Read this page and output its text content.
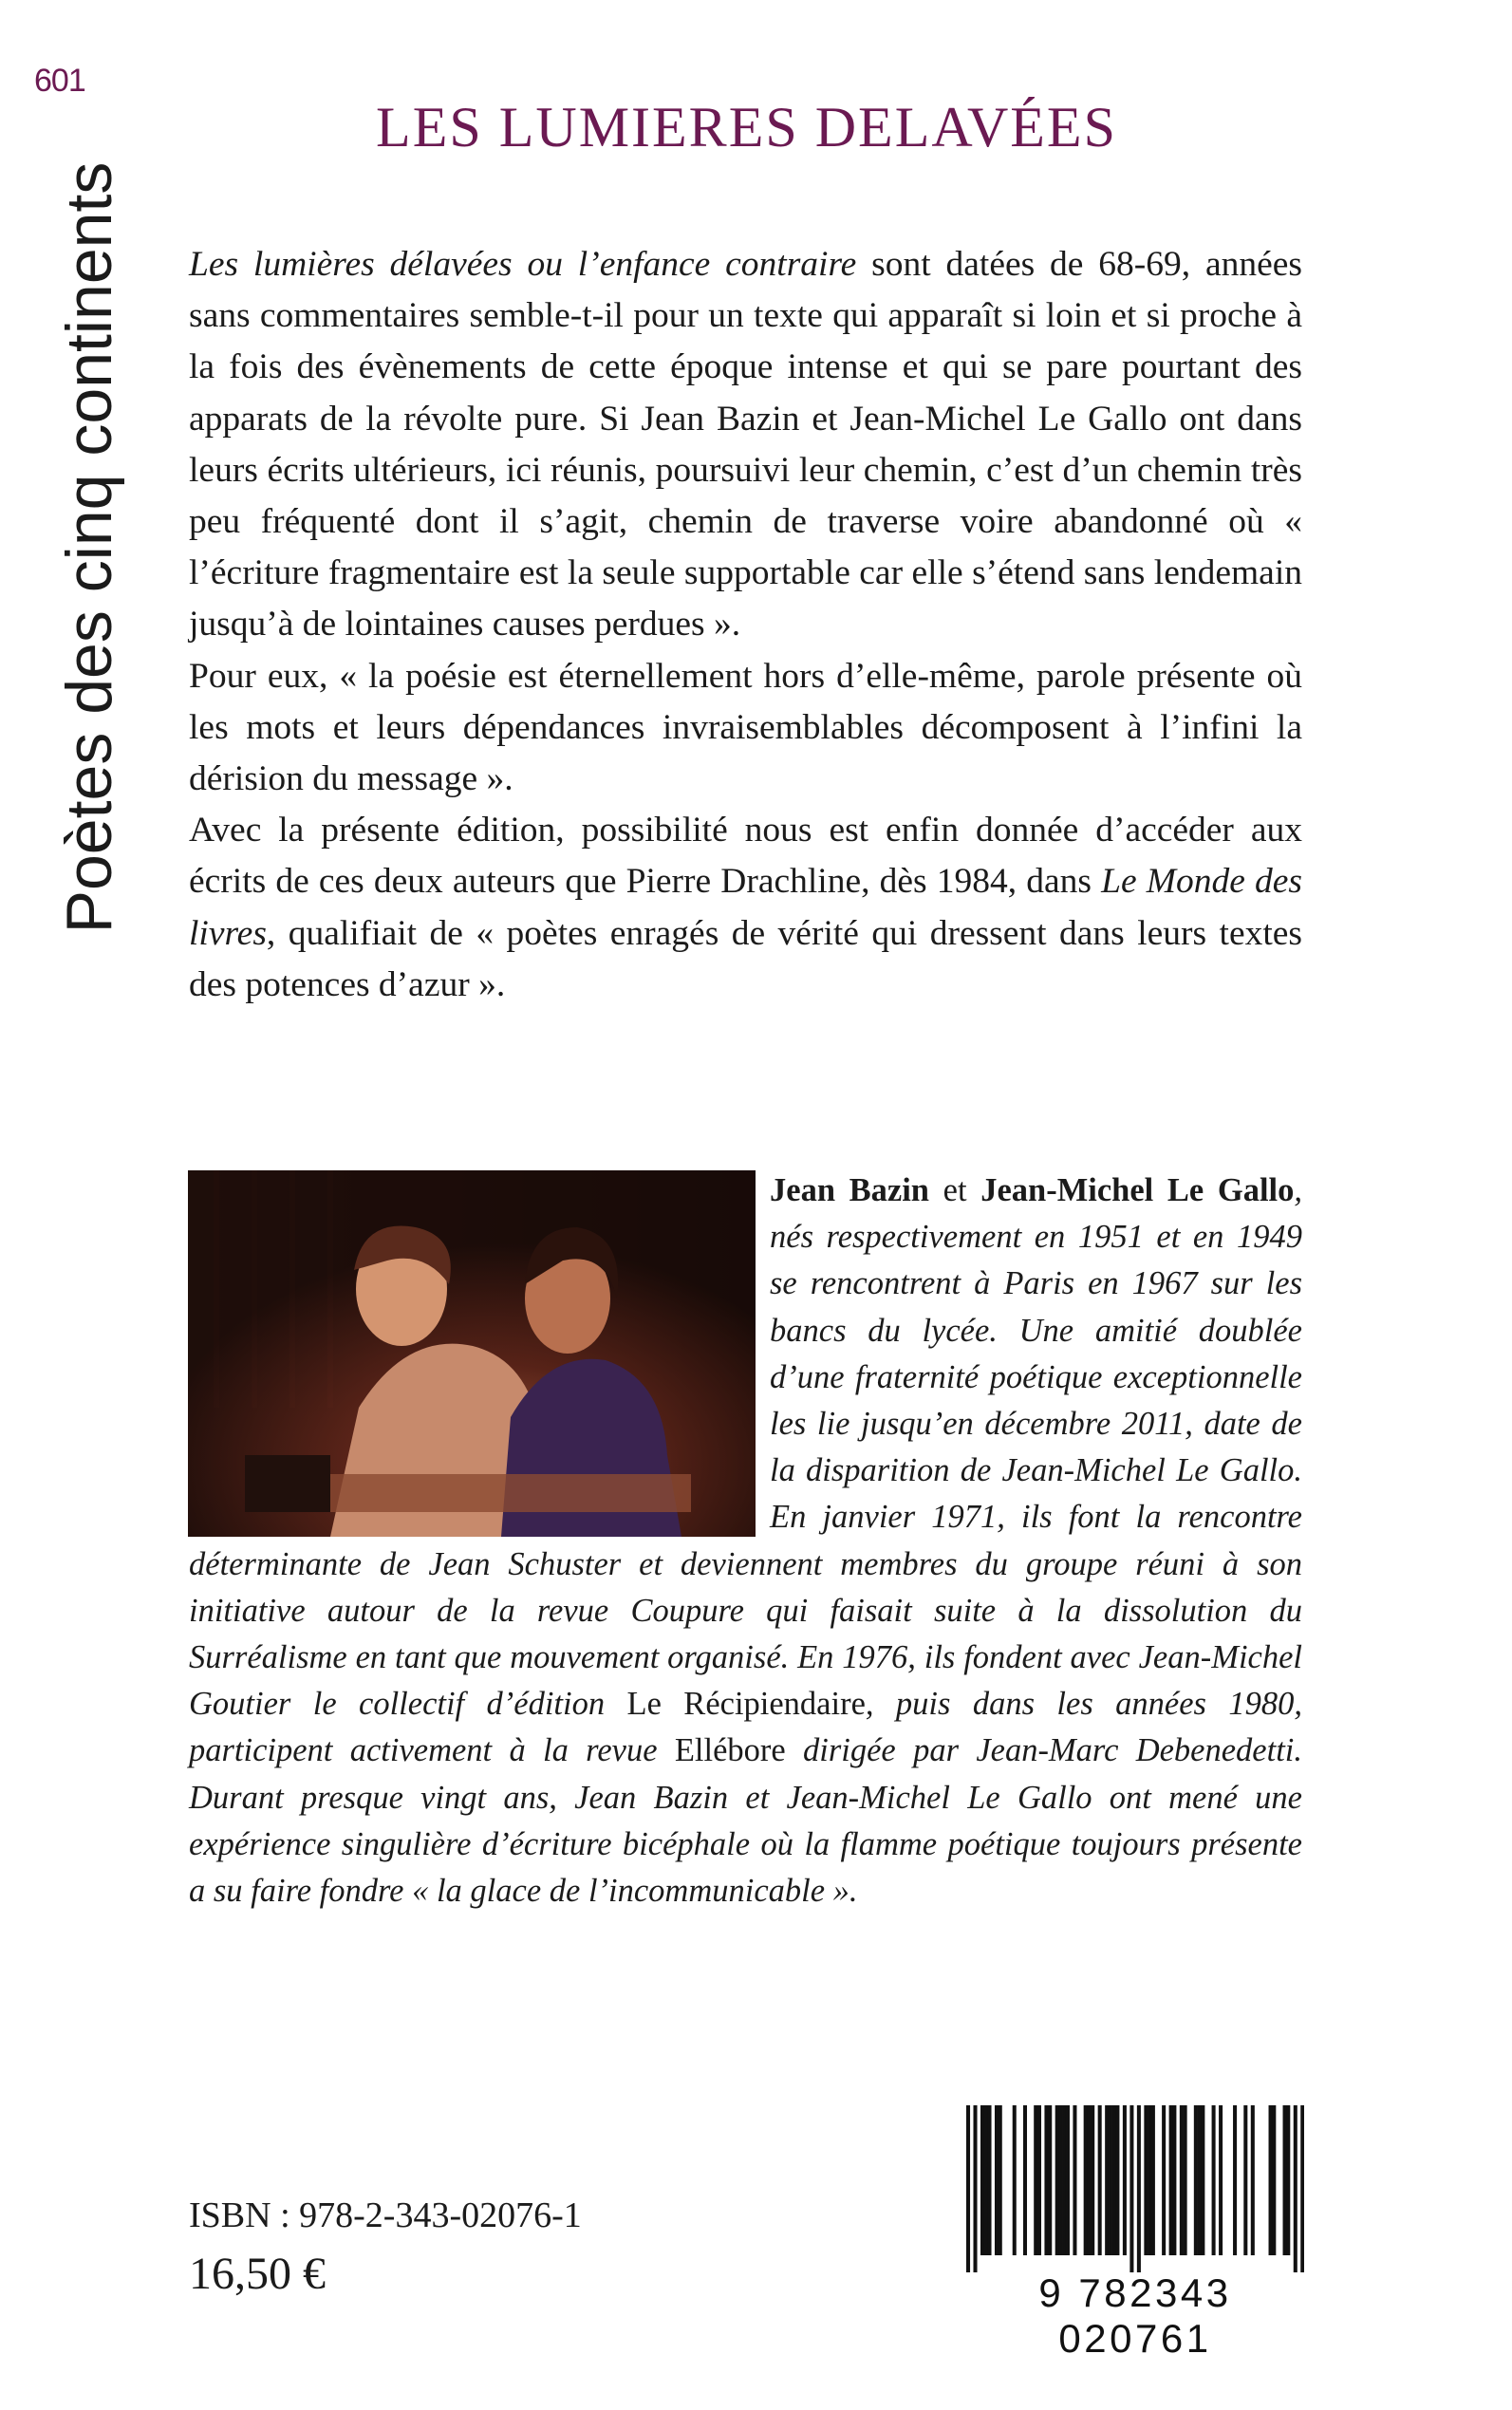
601
Poètes des cinq continents
LES LUMIERES DELAVÉES

Les lumières délavées ou l’enfance contraire sont datées de 68-69, années sans commentaires semble-t-il pour un texte qui apparaît si loin et si proche à la fois des évènements de cette époque intense et qui se pare pourtant des apparats de la révolte pure. Si Jean Bazin et Jean-Michel Le Gallo ont dans leurs écrits ultérieurs, ici réunis, poursuivi leur chemin, c’est d’un chemin très peu fréquenté dont il s’agit, chemin de traverse voire abandonné où « l’écriture fragmentaire est la seule supportable car elle s’étend sans lendemain jusqu’à de lointaines causes perdues ».

Pour eux, « la poésie est éternellement hors d’elle-même, parole présente où les mots et leurs dépendances invraisemblables décomposent à l’infini la dérision du message ».

Avec la présente édition, possibilité nous est enfin donnée d’accéder aux écrits de ces deux auteurs que Pierre Drachline, dès 1984, dans Le Monde des livres, qualifiait de « poètes enragés de vérité qui dressent dans leurs textes des potences d’azur ».

Jean Bazin et Jean-Michel Le Gallo, nés respectivement en 1951 et en 1949 se rencontrent à Paris en 1967 sur les bancs du lycée. Une amitié doublée d’une fraternité poétique exceptionnelle les lie jusqu’en décembre 2011, date de la disparition de Jean-Michel Le Gallo. En janvier 1971, ils font la rencontre déterminante de Jean Schuster et deviennent membres du groupe réuni à son initiative autour de la revue Coupure qui faisait suite à la dissolution du Surréalisme en tant que mouvement organisé. En 1976, ils fondent avec Jean-Michel Goutier le collectif d’édition Le Récipiendaire, puis dans les années 1980, participent activement à la revue Ellébore dirigée par Jean-Marc Debenedetti. Durant presque vingt ans, Jean Bazin et Jean-Michel Le Gallo ont mené une expérience singulière d’écriture bicéphale où la flamme poétique toujours présente a su faire fondre « la glace de l’incommunicable ».

ISBN : 978-2-343-02076-1
16,50 €	9 782343 020761
